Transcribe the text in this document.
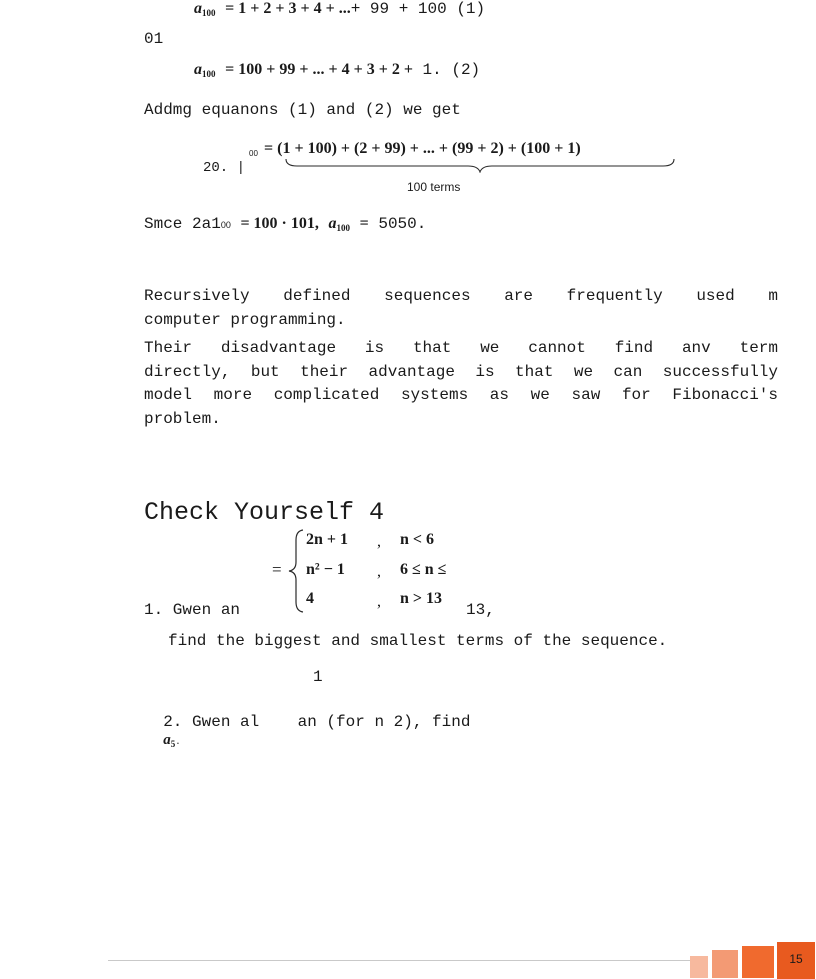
$a_{100} = 1 + 2 + 3 + 4$ + ...+ 99 + 100 (1)
01
$a_{100} = 100 + 99$ + ... + 4 + 3 + 2 + 1. (2)
Addmg equanons (1) and (2) we get
20. |
00 = (1 + 100) + (2 + 99) + ... + (99 + 2) + (100 + 1)
100 terms
Smce 2a100 = 100 · 101, $a_{100} = 5050$.
Recursively defined sequences are frequently used m
computer programming.
Their disadvantage is that we cannot find anv term
directly, but their advantage is that we can successfully
model more complicated systems as we saw for Fibonacci's
problem.
Check Yourself 4
=
2n + 1 , n < 6
n² − 1 , 6 ≤ n ≤
4	, n > 13
1. Gwen an	13,
find the biggest and smallest terms of the sequence.
1

2. Gwen al    an (for n 2), find
$a_5$.

15
